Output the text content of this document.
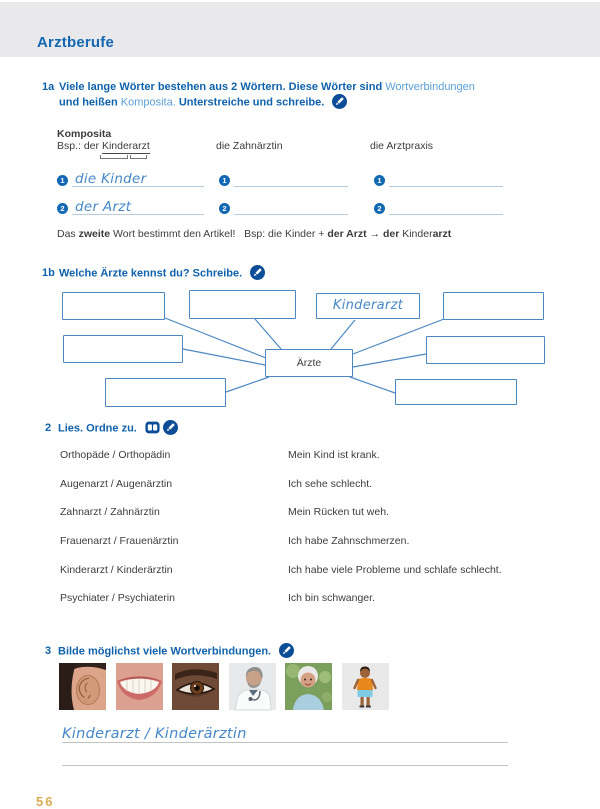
Arztberufe
1a Viele lange Wörter bestehen aus 2 Wörtern. Diese Wörter sind Wortverbindungen
und heißen Komposita. Unterstreiche und schreibe.
Komposita
Bsp.: der Kinderarzt	die Zahnärztin	die Arztpraxis
1 die Kinder
2 der Arzt
1
2
1
2
Das zweite Wort bestimmt den Artikel!   Bsp: die Kinder + der Arzt → der Kinderarzt
1b Welche Ärzte kennst du? Schreibe.
Kinderarzt
Ärzte
2 Lies. Ordne zu.
Orthopäde / Orthopädin
Augenarzt / Augenärztin
Zahnarzt / Zahnärztin
Frauenarzt / Frauenärztin
Kinderarzt / Kinderärztin
Psychiater / Psychiaterin
Mein Kind ist krank.
Ich sehe schlecht.
Mein Rücken tut weh.
Ich habe Zahnschmerzen.
Ich habe viele Probleme und schlafe schlecht.
Ich bin schwanger.
3 Bilde möglichst viele Wortverbindungen.
Kinderarzt / Kinderärztin
56
